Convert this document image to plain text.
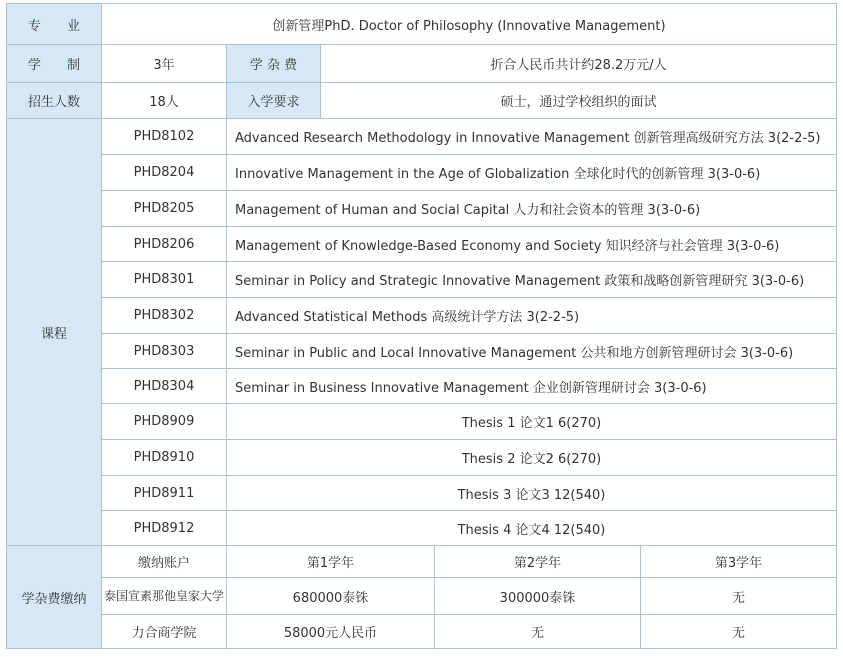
专　　业	创新管理PhD. Doctor of Philosophy (Innovative Management)				
学　　制	3年	学 杂 费	折合人民币共计约28.2万元/人		
招生人数	18人	入学要求	硕士，通过学校组织的面试		
课程	PHD8102	Advanced Research Methodology in Innovative Management 创新管理高级研究方法 3(2-2-5)			
	PHD8204	Innovative Management in the Age of Globalization 全球化时代的创新管理 3(3-0-6)			
	PHD8205	Management of Human and Social Capital 人力和社会资本的管理 3(3-0-6)			
	PHD8206	Management of Knowledge-Based Economy and Society 知识经济与社会管理 3(3-0-6)			
	PHD8301	Seminar in Policy and Strategic Innovative Management 政策和战略创新管理研究 3(3-0-6)			
	PHD8302	Advanced Statistical Methods 高级统计学方法 3(2-2-5)			
	PHD8303	Seminar in Public and Local Innovative Management 公共和地方创新管理研讨会 3(3-0-6)			
	PHD8304	Seminar in Business Innovative Management 企业创新管理研讨会 3(3-0-6)			
	PHD8909	Thesis 1 论文1 6(270)			
	PHD8910	Thesis 2 论文2 6(270)			
	PHD8911	Thesis 3 论文3 12(540)			
	PHD8912	Thesis 4 论文4 12(540)			
学杂费缴纳	缴纳账户	第1学年		第2学年	第3学年
	泰国宣素那他皇家大学	680000泰铢		300000泰铢	无
	力合商学院	58000元人民币		无	无
